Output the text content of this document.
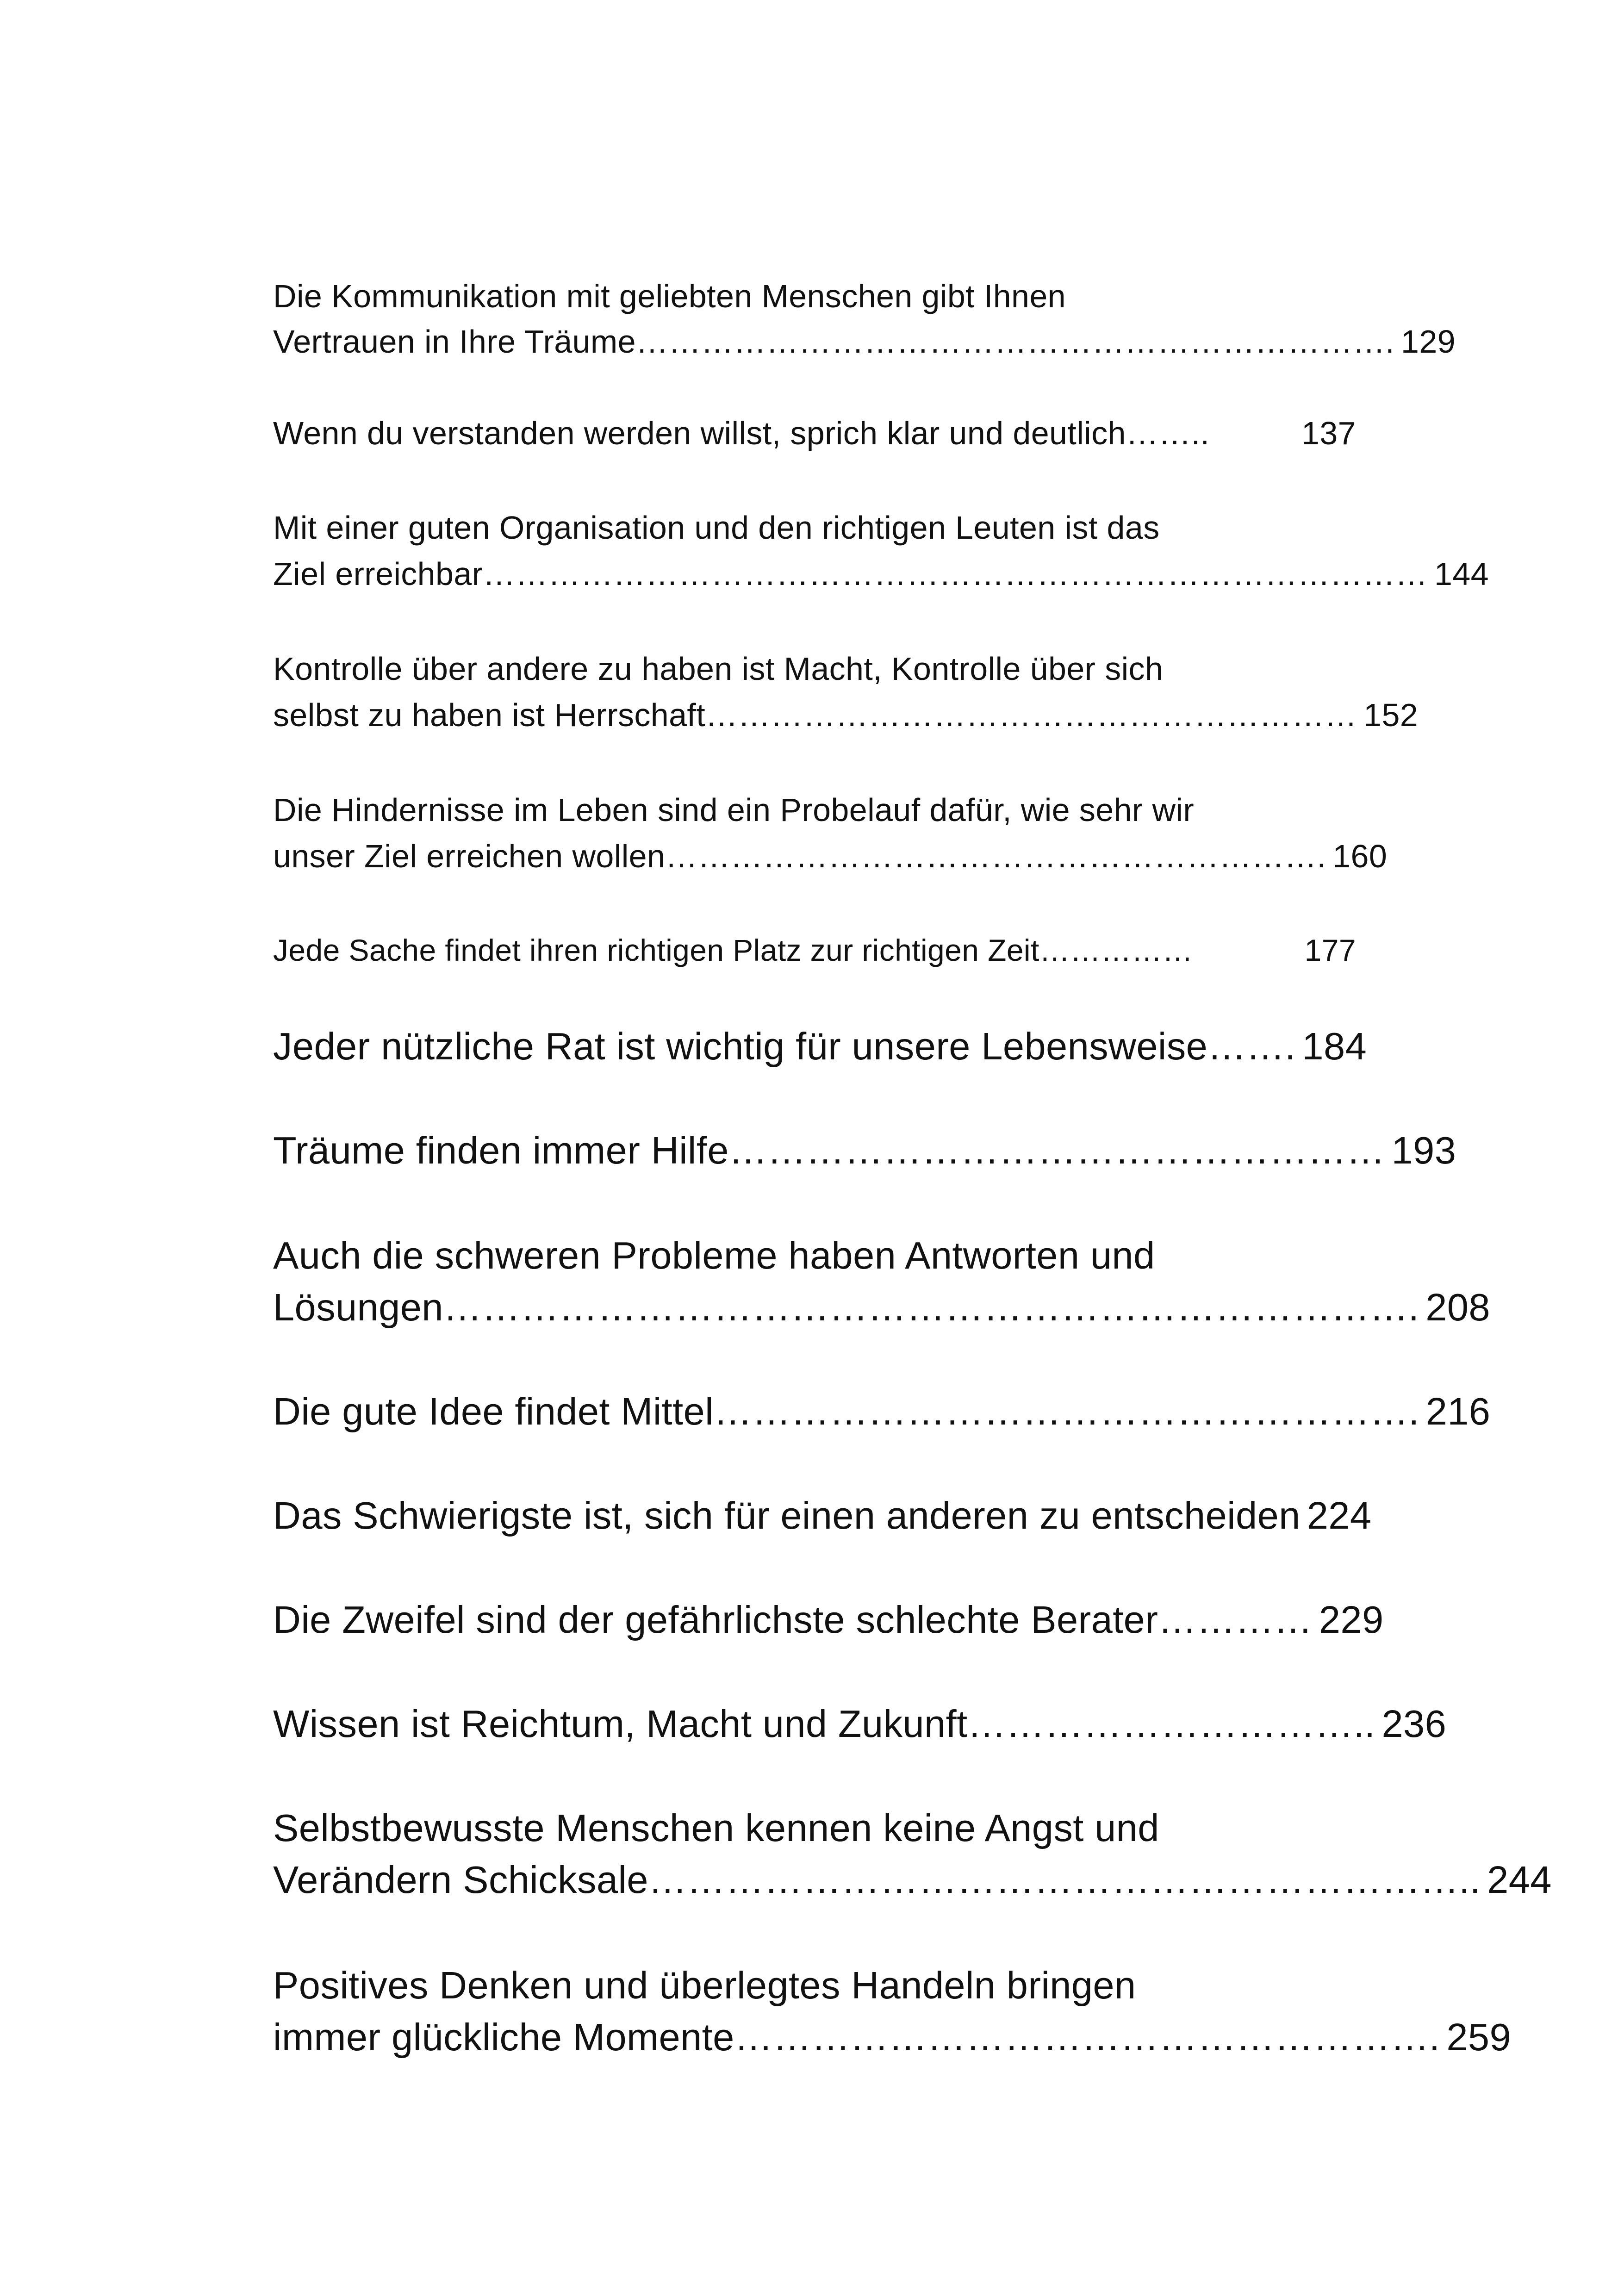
Die Kommunikation mit geliebten Menschen gibt Ihnen
Vertrauen in Ihre Träume ……………………………………………………………. 129
Wenn du verstanden werden willst, sprich klar und deutlich ……..	137
Mit einer guten Organisation und den richtigen Leuten ist das
Ziel erreichbar …………………………………………………………………………… 144
Kontrolle über andere zu haben ist Macht, Kontrolle über sich
selbst zu haben ist Herrschaft …………………………………………………… 152
Die Hindernisse im Leben sind ein Probelauf dafür, wie sehr wir
unser Ziel erreichen wollen ……………………………………………………. 160
Jede Sache findet ihren richtigen Platz zur richtigen Zeit ……………	177
Jeder nützliche Rat ist wichtig für unsere Lebensweise ……. 184
Träume finden immer Hilfe …………………………………………… 193
Auch die schweren Probleme haben Antworten und
Lösungen …………………………………………………………………. 208
Die gute Idee findet Mittel ………………………………………………. 216
Das Schwierigste ist, sich für einen anderen zu entscheiden 224
Die Zweifel sind der gefährlichste schlechte Berater ………… 229
Wissen ist Reichtum, Macht und Zukunft ………………………….. 236
Selbstbewusste Menschen kennen keine Angst und
Verändern Schicksale ……………………………………………………….. 244
Positives Denken und überlegtes Handeln bringen
immer glückliche Momente ………………………………………………. 259
